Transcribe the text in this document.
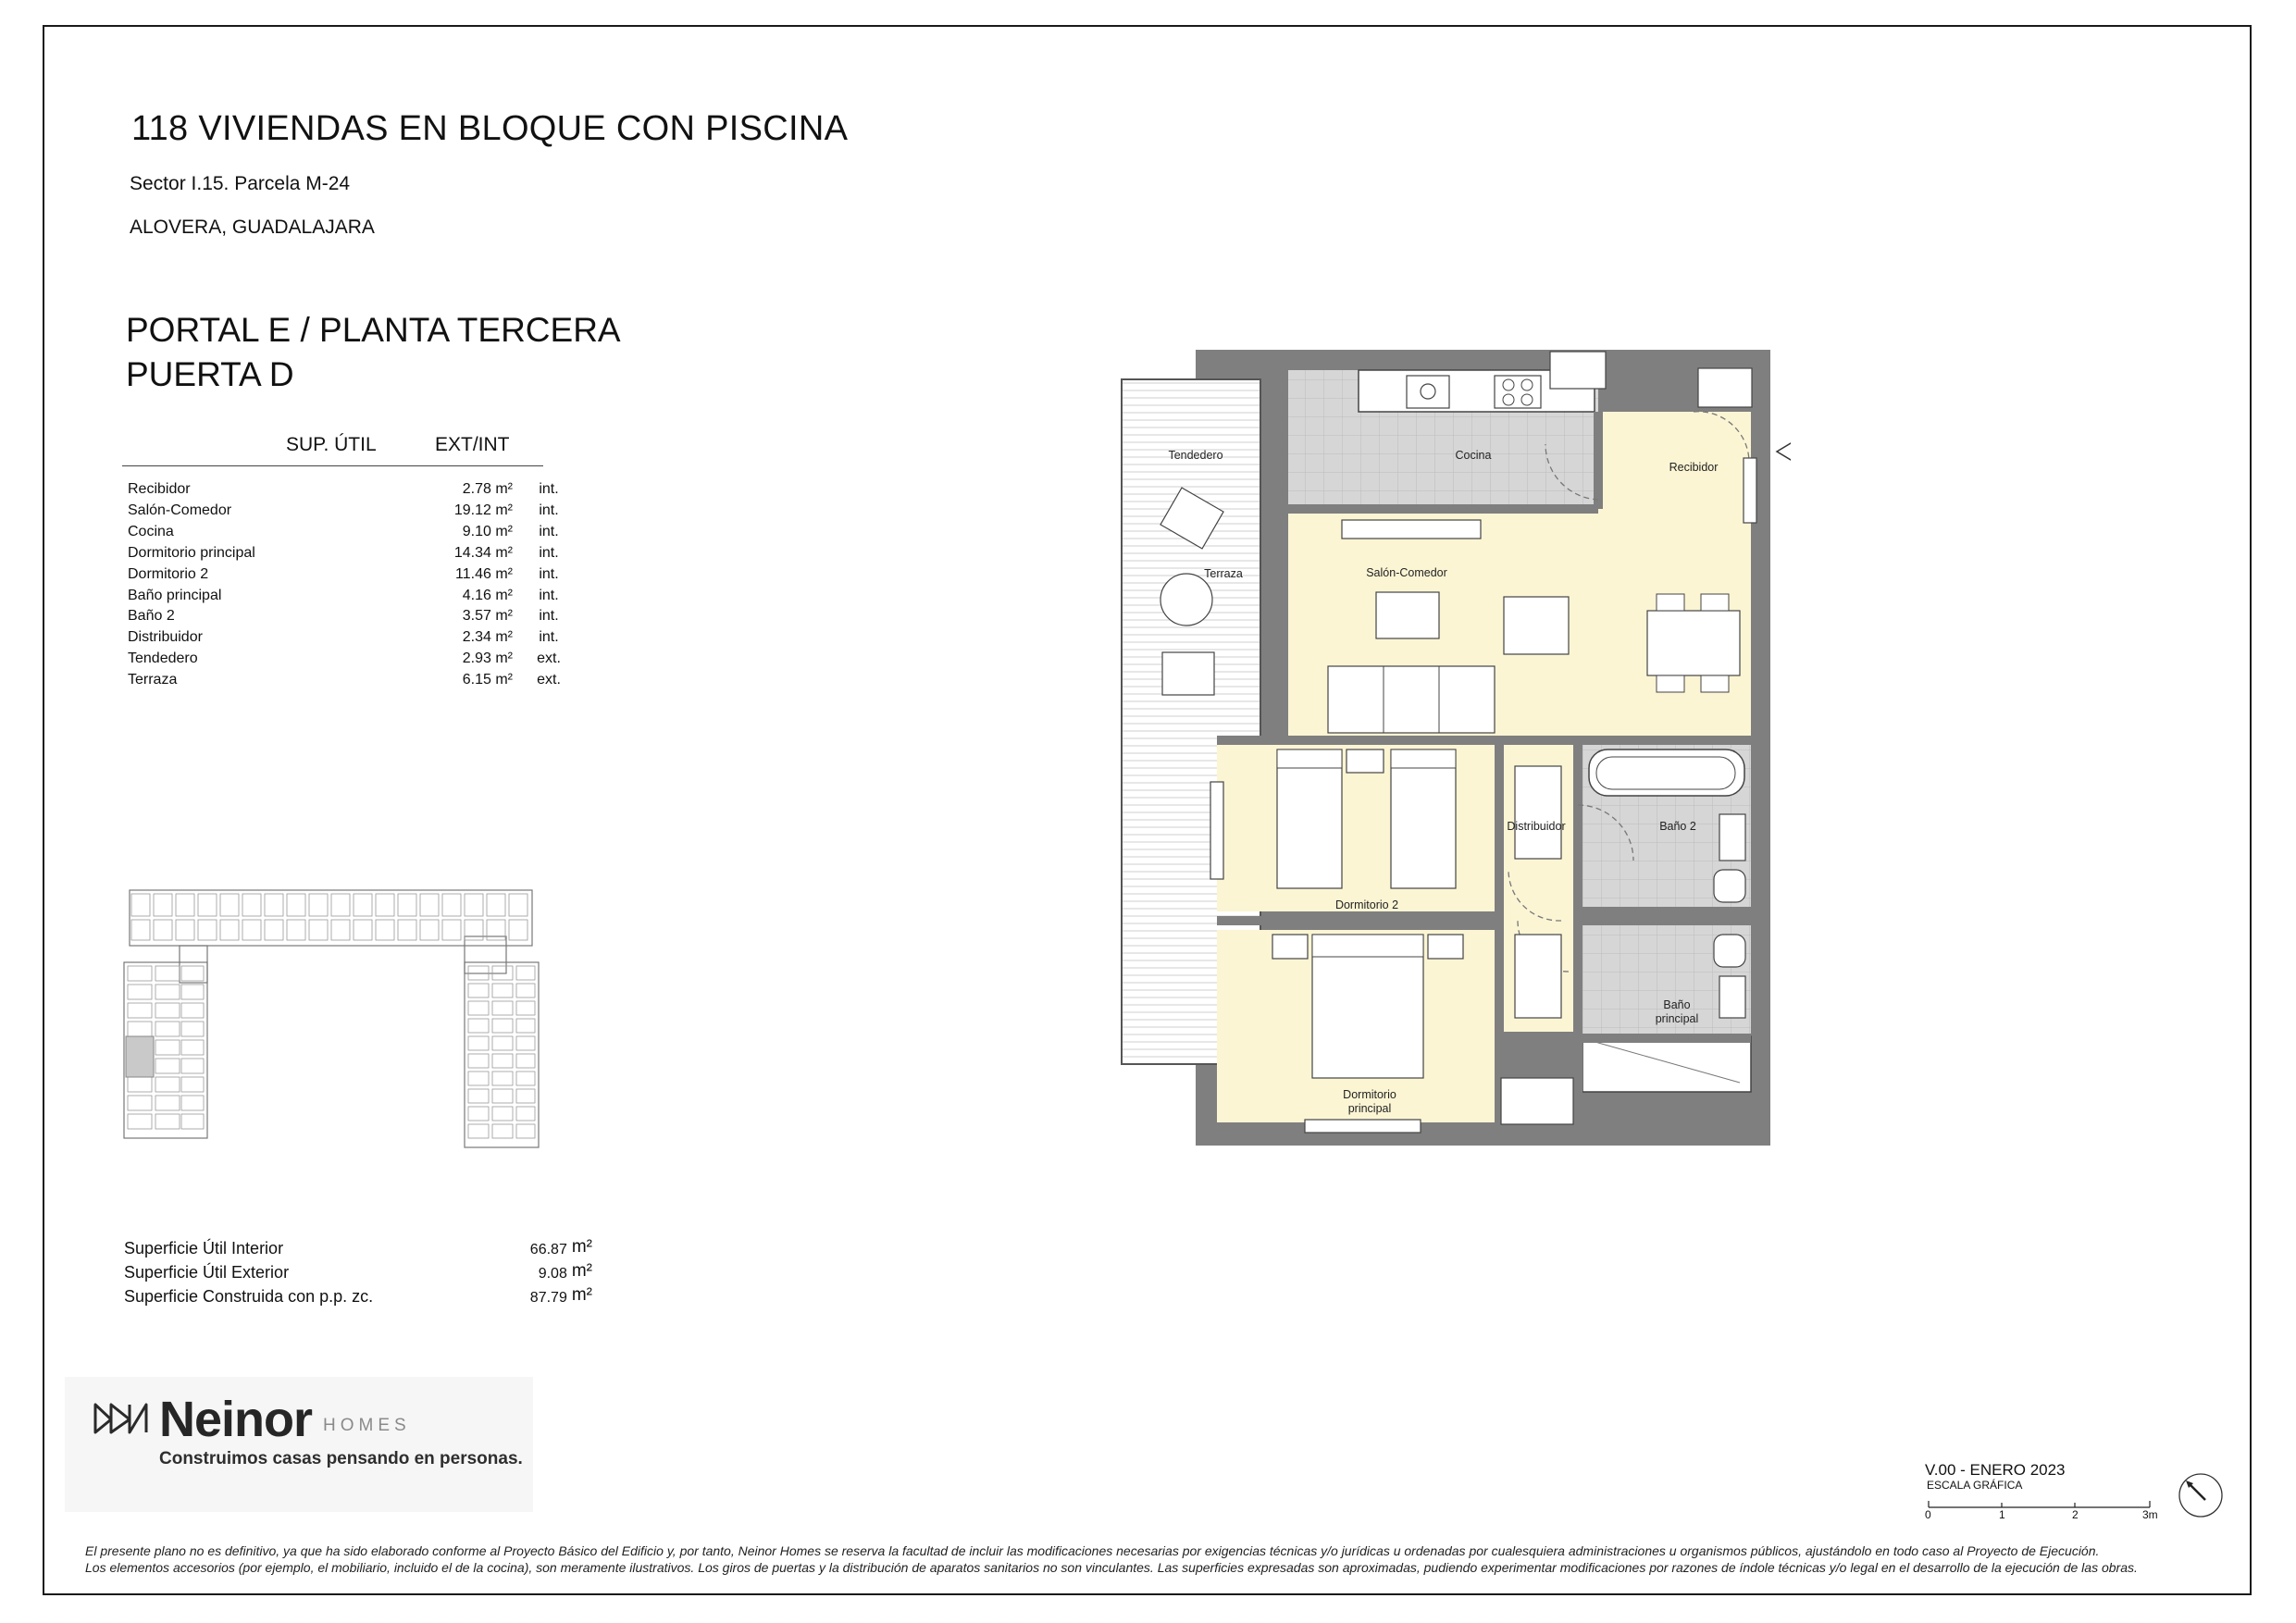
118 VIVIENDAS EN BLOQUE CON PISCINA
Sector I.15. Parcela M-24
ALOVERA, GUADALAJARA
PORTAL E / PLANTA TERCERA
PUERTA D
SUP. ÚTIL	EXT/INT
Recibidor	2.78 m²	int.
Salón-Comedor	19.12 m²	int.
Cocina	9.10 m²	int.
Dormitorio principal	14.34 m²	int.
Dormitorio 2	11.46 m²	int.
Baño principal	4.16 m²	int.
Baño 2	3.57 m²	int.
Distribuidor	2.34 m²	int.
Tendedero	2.93 m²	ext.
Terraza	6.15 m²	ext.
Superficie Útil Interior	66.87 m²
Superficie Útil Exterior	9.08 m²
Superficie Construida con p.p. zc.	87.79 m²
Neinor HOMES
Construimos casas pensando en personas.
Tendedero
Terraza
Cocina
Recibidor
Salón-Comedor
Distribuidor	Baño 2
Dormitorio 2
Baño
principal
Dormitorio
principal
V.00 - ENERO 2023
ESCALA GRÁFICA
0	1	2	3m
El presente plano no es definitivo, ya que ha sido elaborado conforme al Proyecto Básico del Edificio y, por tanto, Neinor Homes se reserva la facultad de incluir las modificaciones necesarias por exigencias técnicas y/o jurídicas u ordenadas por cualesquiera administraciones u organismos públicos, ajustándolo en todo caso al Proyecto de Ejecución.
Los elementos accesorios (por ejemplo, el mobiliario, incluido el de la cocina), son meramente ilustrativos. Los giros de puertas y la distribución de aparatos sanitarios no son vinculantes. Las superficies expresadas son aproximadas, pudiendo experimentar modificaciones por razones de índole técnicas y/o legal en el desarrollo de la ejecución de las obras.
